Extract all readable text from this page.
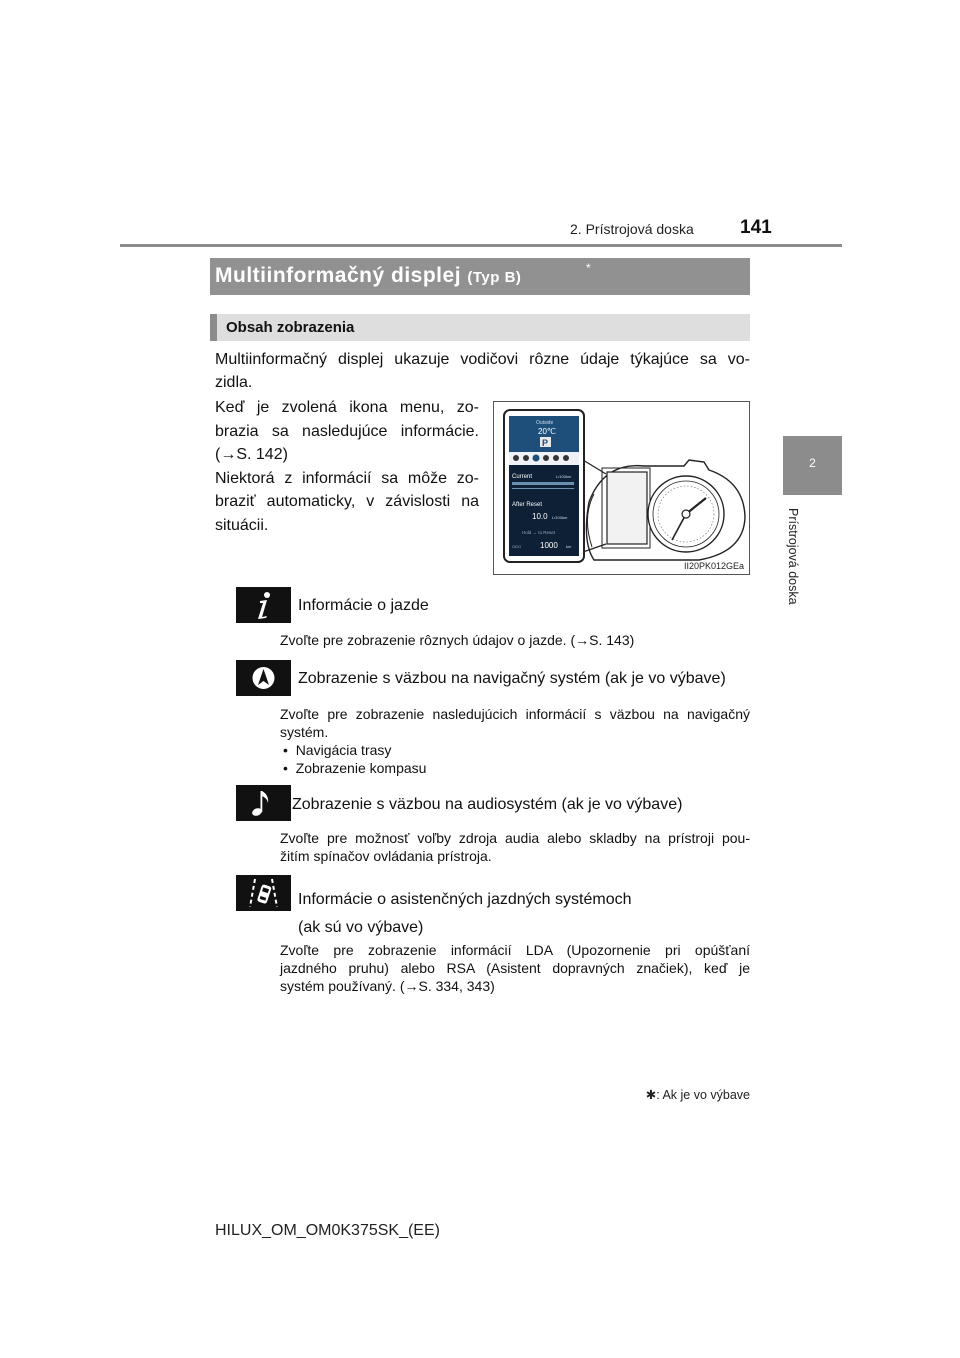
2. Prístrojová doska 141
2
Prístrojová doska
Multiinformačný displej (Typ B)
*
Obsah zobrazenia
Multiinformačný displej ukazuje vodičovi rôzne údaje týkajúce sa vo-
zidla.
Keď je zvolená ikona menu, zo-
brazia sa nasledujúce informácie.
(→S. 142)
Niektorá z informácií sa môže zo-
braziť automaticky, v závislosti na
situácii.
Outside
20℃
P
Current	L/100km
After Reset
10.0 L/100km
Hold → to Reset
ODO 1000 km
II20PK012GEa
Informácie o jazde
Zvoľte pre zobrazenie rôznych údajov o jazde. (→S. 143)
Zobrazenie s väzbou na navigačný systém (ak je vo výbave)
Zvoľte pre zobrazenie nasledujúcich informácií s väzbou na navigačný
systém.
•  Navigácia trasy
•  Zobrazenie kompasu
Zobrazenie s väzbou na audiosystém (ak je vo výbave)
Zvoľte pre možnosť voľby zdroja audia alebo skladby na prístroji pou-
žitím spínačov ovládania prístroja.
Informácie o asistenčných jazdných systémoch
(ak sú vo výbave)
Zvoľte pre zobrazenie informácií LDA (Upozornenie pri opúšťaní
jazdného pruhu) alebo RSA (Asistent dopravných značiek), keď je
systém používaný. (→S. 334, 343)
✱: Ak je vo výbave
HILUX_OM_OM0K375SK_(EE)
